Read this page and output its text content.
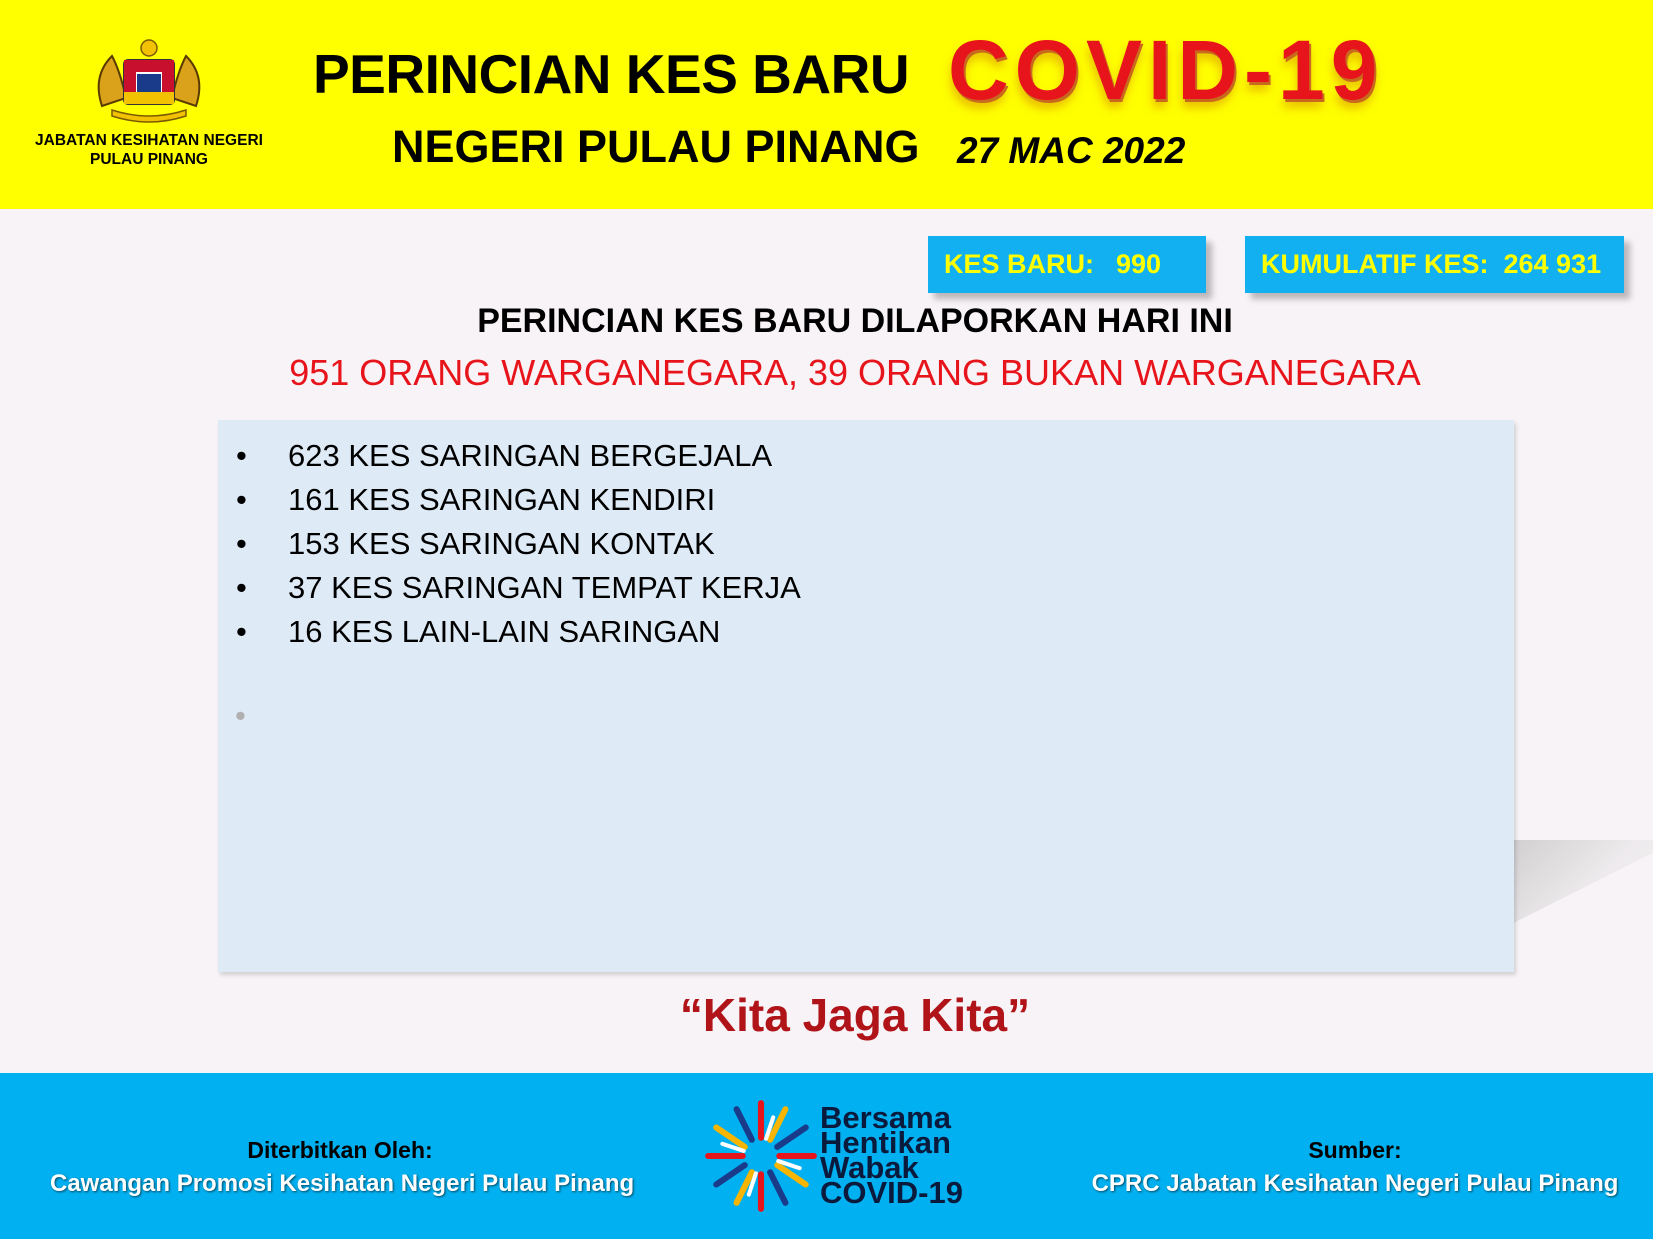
JABATAN KESIHATAN NEGERI
PULAU PINANG
PERINCIAN KES BARU COVID-19
NEGERI PULAU PINANG 27 MAC 2022
KES BARU: 990	KUMULATIF KES: 264 931
PERINCIAN KES BARU DILAPORKAN HARI INI
951 ORANG WARGANEGARA, 39 ORANG BUKAN WARGANEGARA
• 623 KES SARINGAN BERGEJALA
• 161 KES SARINGAN KENDIRI
• 153 KES SARINGAN KONTAK
• 37 KES SARINGAN TEMPAT KERJA
• 16 KES LAIN-LAIN SARINGAN
•
“Kita Jaga Kita”
Diterbitkan Oleh:
Cawangan Promosi Kesihatan Negeri Pulau Pinang
Bersama
Hentikan
Wabak
COVID-19
Sumber:
CPRC Jabatan Kesihatan Negeri Pulau Pinang
